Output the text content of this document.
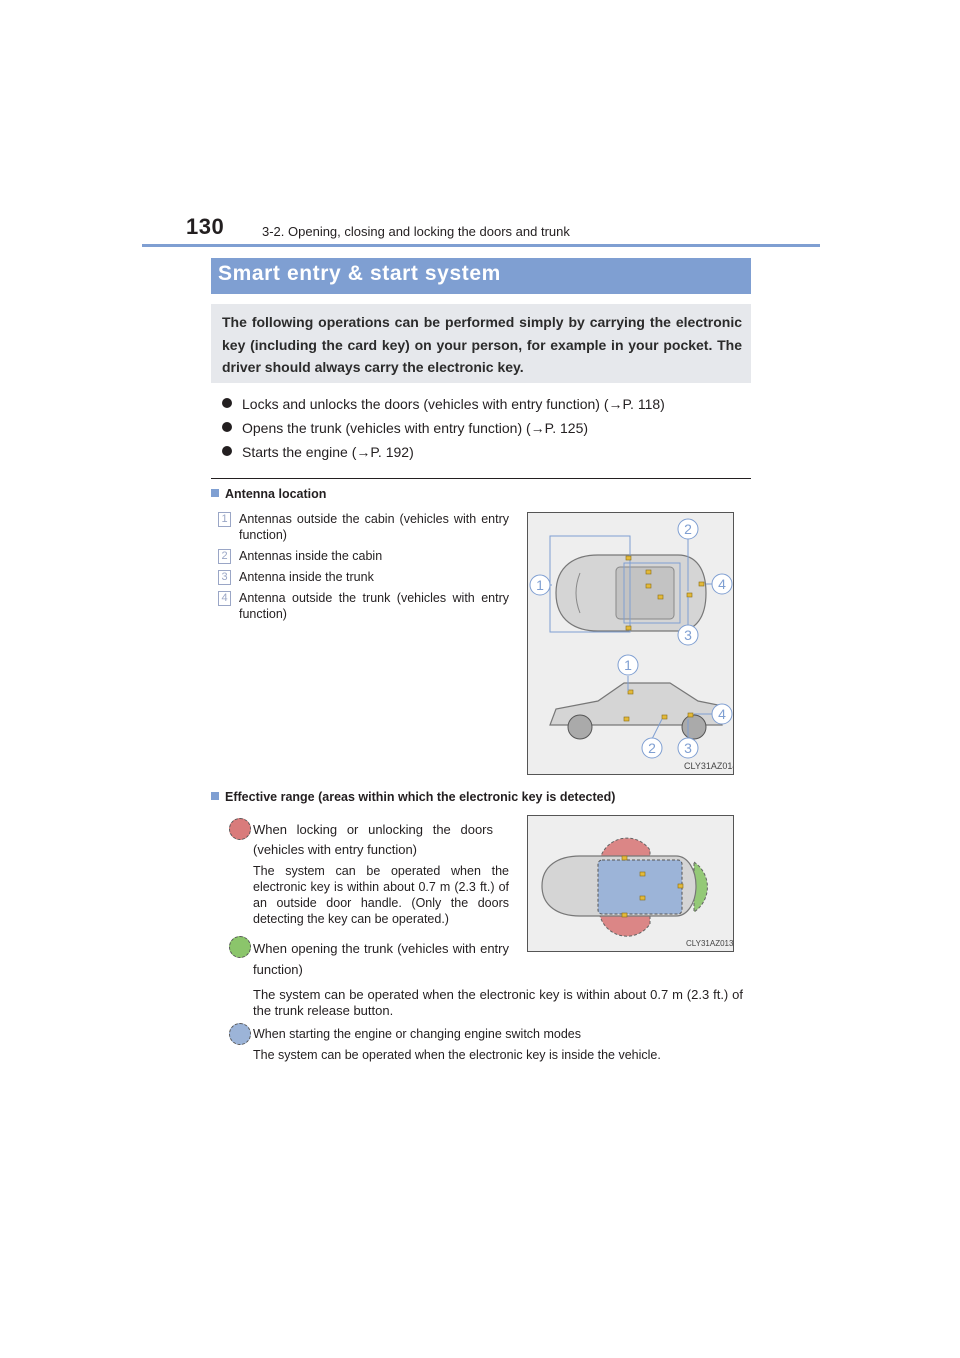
130	3-2. Opening, closing and locking the doors and trunk
Smart entry & start system
The following operations can be performed simply by carrying the electronic key (including the card key) on your person, for example in your pocket. The driver should always carry the electronic key.
Locks and unlocks the doors (vehicles with entry function) (→P. 118)
Opens the trunk (vehicles with entry function) (→P. 125)
Starts the engine (→P. 192)
Antenna location
1 Antennas outside the cabin (vehicles with entry function)
2 Antennas inside the cabin
3 Antenna inside the trunk
4 Antenna outside the trunk (vehicles with entry function)
2
4
3
1
1
4
2 3
CLY31AZ014
Effective range (areas within which the electronic key is detected)
When locking or unlocking the doors (vehicles with entry function)
The system can be operated when the electronic key is within about 0.7 m (2.3 ft.) of an outside door handle. (Only the doors detecting the key can be operated.)
When opening the trunk (vehicles with entry function)
The system can be operated when the electronic key is within about 0.7 m (2.3 ft.) of the trunk release button.
When starting the engine or changing engine switch modes
The system can be operated when the electronic key is inside the vehicle.
CLY31AZ013
